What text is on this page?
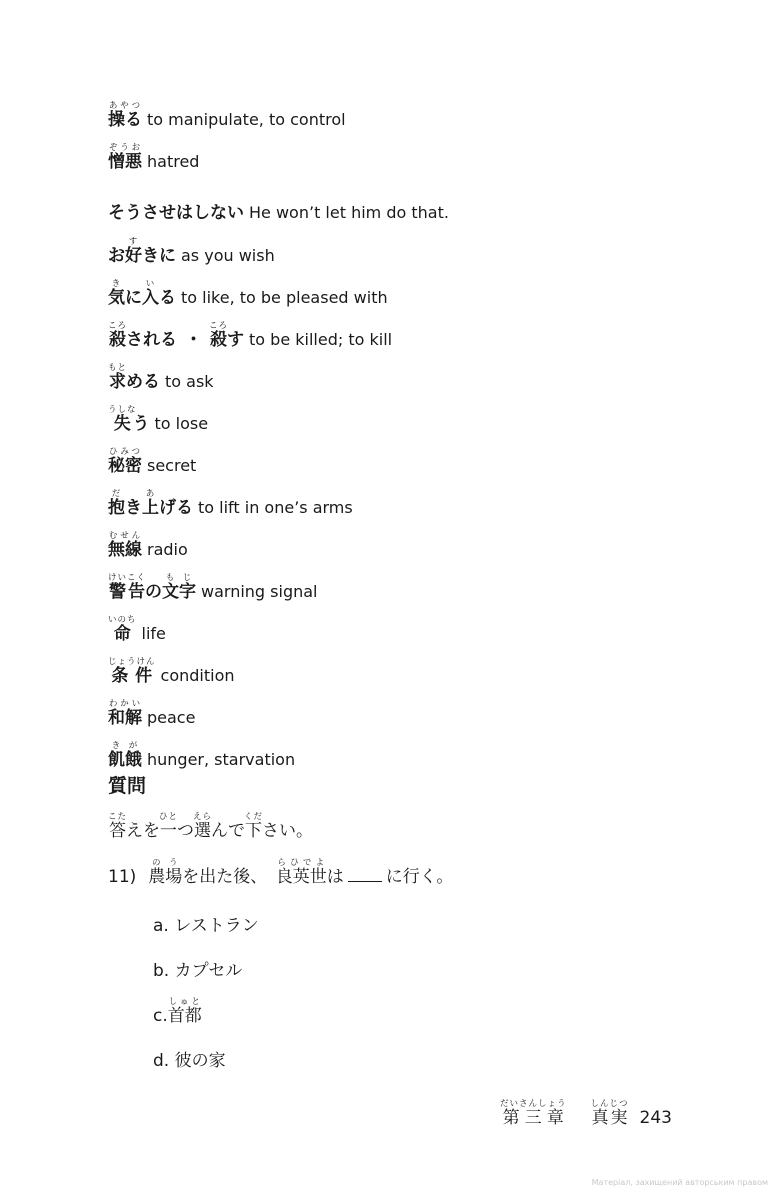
操るあやつ
to manipulate, to control
憎悪ぞうお
hatred
そうさせはしない He won’t let him do that.
お好すきに as you wish
気きに入いる to like, to be pleased with
殺ころされる ・ 殺ころす to be killed; to kill
求もとめる to ask
失うしなう to lose
秘密ひみつ
secret
抱だき上あげる to lift in one’s arms
無線むせん
radio
警告けいこくの文字もじ
warning signal
命いのち
life
条件じょうけん
condition
和解わかい
peace
飢餓きが
hunger, starvation
質問
答こたえを一ひとつ選えらんで下ください。
11) 農場のうを出た後、　 良英世らひでよは に行く。
a. レストラン
b. カプセル
c. 首都しゅと
d. 彼の家
第三章だいさんしょう真実しんじつ243
Матеріал, захищений авторським правом
